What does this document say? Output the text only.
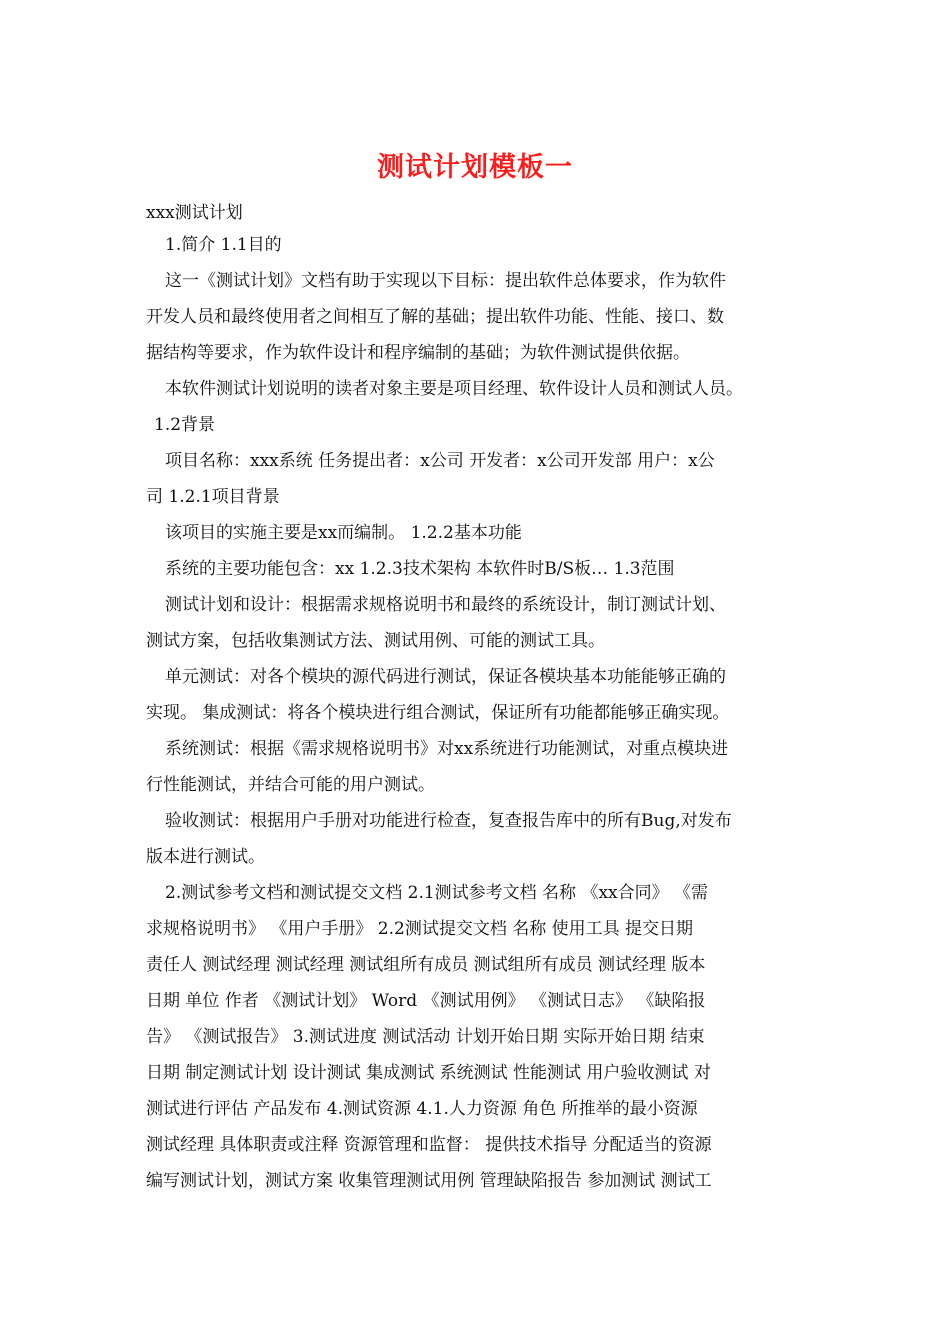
测试计划模板一
xxx测试计划
1.简介 1.1目的
这一《测试计划》文档有助于实现以下目标：提出软件总体要求，作为软件
开发人员和最终使用者之间相互了解的基础；提出软件功能、性能、接口、数
据结构等要求，作为软件设计和程序编制的基础；为软件测试提供依据。
本软件测试计划说明的读者对象主要是项目经理、软件设计人员和测试人员。
1.2背景
项目名称：xxx系统 任务提出者：x公司 开发者：x公司开发部 用户：x公
司 1.2.1项目背景
该项目的实施主要是xx而编制。 1.2.2基本功能
系统的主要功能包含：xx 1.2.3技术架构 本软件时B/S板… 1.3范围
测试计划和设计：根据需求规格说明书和最终的系统设计，制订测试计划、
测试方案，包括收集测试方法、测试用例、可能的测试工具。
单元测试：对各个模块的源代码进行测试，保证各模块基本功能能够正确的
实现。 集成测试：将各个模块进行组合测试，保证所有功能都能够正确实现。
系统测试：根据《需求规格说明书》对xx系统进行功能测试，对重点模块进
行性能测试，并结合可能的用户测试。
验收测试：根据用户手册对功能进行检查，复查报告库中的所有Bug,对发布
版本进行测试。
2.测试参考文档和测试提交文档 2.1测试参考文档 名称 《xx合同》 《需
求规格说明书》 《用户手册》 2.2测试提交文档 名称 使用工具 提交日期
责任人 测试经理 测试经理 测试组所有成员 测试组所有成员 测试经理 版本
日期 单位 作者 《测试计划》 Word 《测试用例》 《测试日志》 《缺陷报
告》 《测试报告》 3.测试进度 测试活动 计划开始日期 实际开始日期 结束
日期 制定测试计划 设计测试 集成测试 系统测试 性能测试 用户验收测试 对
测试进行评估 产品发布 4.测试资源 4.1.人力资源 角色 所推举的最小资源
测试经理 具体职责或注释 资源管理和监督： 提供技术指导 分配适当的资源
编写测试计划，测试方案 收集管理测试用例 管理缺陷报告 参加测试 测试工
